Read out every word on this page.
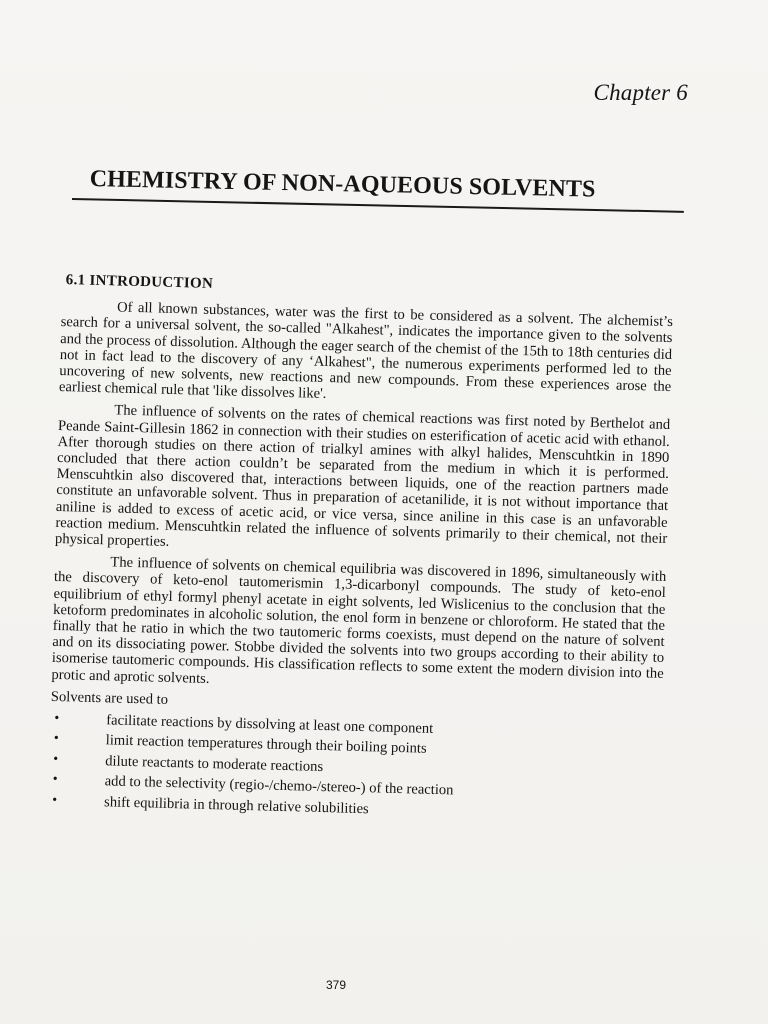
Chapter 6
CHEMISTRY OF NON-AQUEOUS SOLVENTS
6.1 INTRODUCTION

Of all known substances, water was the first to be considered as a solvent. The alchemist’s search for a universal solvent, the so-called "Alkahest", indicates the importance given to the solvents and the process of dissolution. Although the eager search of the chemist of the 15th to 18th centuries did not in fact lead to the discovery of any ‘Alkahest", the numerous experiments performed led to the uncovering of new solvents, new reactions and new compounds. From these experiences arose the earliest chemical rule that 'like dissolves like'.

The influence of solvents on the rates of chemical reactions was first noted by Berthelot and Peande Saint-Gillesin 1862 in connection with their studies on esterification of acetic acid with ethanol. After thorough studies on there action of trialkyl amines with alkyl halides, Menscuhtkin in 1890 concluded that there action couldn’t be separated from the medium in which it is performed. Menscuhtkin also discovered that, interactions between liquids, one of the reaction partners made constitute an unfavorable solvent. Thus in preparation of acetanilide, it is not without importance that aniline is added to excess of acetic acid, or vice versa, since aniline in this case is an unfavorable reaction medium. Menscuhtkin related the influence of solvents primarily to their chemical, not their physical properties.

The influence of solvents on chemical equilibria was discovered in 1896, simultaneously with the discovery of keto-enol tautomerismin 1,3-dicarbonyl compounds. The study of keto-enol equilibrium of ethyl formyl phenyl acetate in eight solvents, led Wislicenius to the conclusion that the ketoform predominates in alcoholic solution, the enol form in benzene or chloroform. He stated that the finally that he ratio in which the two tautomeric forms coexists, must depend on the nature of solvent and on its dissociating power. Stobbe divided the solvents into two groups according to their ability to isomerise tautomeric compounds. His classification reflects to some extent the modern division into the protic and aprotic solvents.

Solvents are used to
•	facilitate reactions by dissolving at least one component
•	limit reaction temperatures through their boiling points
•	dilute reactants to moderate reactions
•	add to the selectivity (regio-/chemo-/stereo-) of the reaction
•	shift equilibria in through relative solubilities
379
